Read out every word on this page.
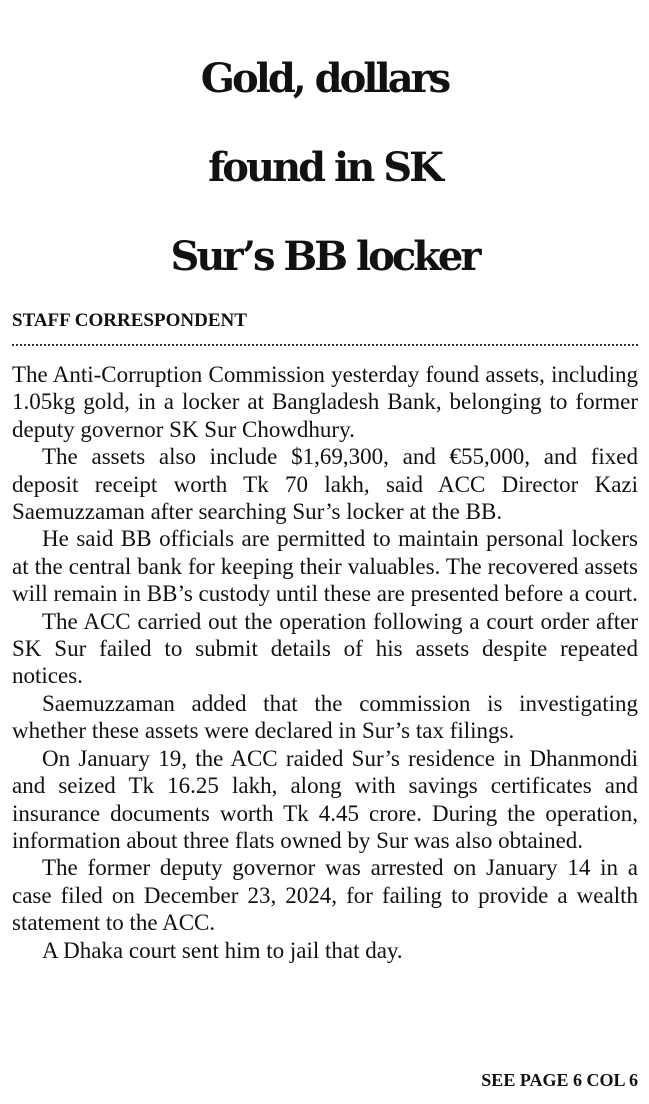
Gold, dollars
found in SK
Sur’s BB locker
STAFF CORRESPONDENT

The Anti-Corruption Commission yesterday found assets, including 1.05kg gold, in a locker at Bangladesh Bank, belonging to former deputy governor SK Sur Chowdhury.

The assets also include $1,69,300, and €55,000, and fixed deposit receipt worth Tk 70 lakh, said ACC Director Kazi Saemuzzaman after searching Sur’s locker at the BB.

He said BB officials are permitted to maintain personal lockers at the central bank for keeping their valuables. The recovered assets will remain in BB’s custody until these are presented before a court.

The ACC carried out the operation following a court order after SK Sur failed to submit details of his assets despite repeated notices.

Saemuzzaman added that the commission is investigating whether these assets were declared in Sur’s tax filings.

On January 19, the ACC raided Sur’s residence in Dhanmondi and seized Tk 16.25 lakh, along with savings certificates and insurance documents worth Tk 4.45 crore. During the operation, information about three flats owned by Sur was also obtained.

The former deputy governor was arrested on January 14 in a case filed on December 23, 2024, for failing to provide a wealth statement to the ACC.

A Dhaka court sent him to jail that day.

SEE PAGE 6 COL 6
